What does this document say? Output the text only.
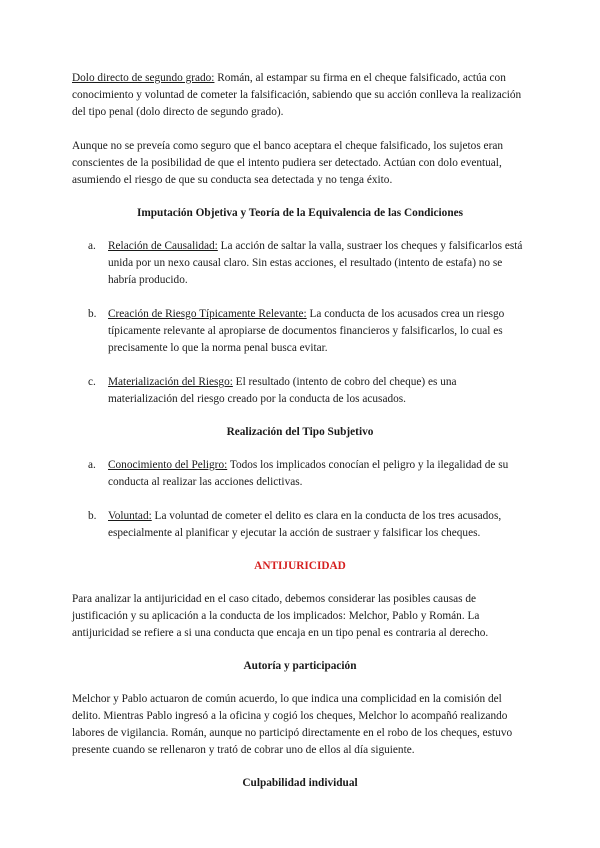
Dolo directo de segundo grado: Román, al estampar su firma en el cheque falsificado, actúa con conocimiento y voluntad de cometer la falsificación, sabiendo que su acción conlleva la realización del tipo penal (dolo directo de segundo grado).

Aunque no se preveía como seguro que el banco aceptara el cheque falsificado, los sujetos eran conscientes de la posibilidad de que el intento pudiera ser detectado. Actúan con dolo eventual, asumiendo el riesgo de que su conducta sea detectada y no tenga éxito.

Imputación Objetiva y Teoría de la Equivalencia de las Condiciones

a. Relación de Causalidad: La acción de saltar la valla, sustraer los cheques y falsificarlos está unida por un nexo causal claro. Sin estas acciones, el resultado (intento de estafa) no se habría producido.
b. Creación de Riesgo Típicamente Relevante: La conducta de los acusados crea un riesgo típicamente relevante al apropiarse de documentos financieros y falsificarlos, lo cual es precisamente lo que la norma penal busca evitar.
c. Materialización del Riesgo: El resultado (intento de cobro del cheque) es una materialización del riesgo creado por la conducta de los acusados.

Realización del Tipo Subjetivo

a. Conocimiento del Peligro: Todos los implicados conocían el peligro y la ilegalidad de su conducta al realizar las acciones delictivas.
b. Voluntad: La voluntad de cometer el delito es clara en la conducta de los tres acusados, especialmente al planificar y ejecutar la acción de sustraer y falsificar los cheques.

ANTIJURICIDAD

Para analizar la antijuricidad en el caso citado, debemos considerar las posibles causas de justificación y su aplicación a la conducta de los implicados: Melchor, Pablo y Román. La antijuricidad se refiere a si una conducta que encaja en un tipo penal es contraria al derecho.

Autoría y participación

Melchor y Pablo actuaron de común acuerdo, lo que indica una complicidad en la comisión del delito. Mientras Pablo ingresó a la oficina y cogió los cheques, Melchor lo acompañó realizando labores de vigilancia. Román, aunque no participó directamente en el robo de los cheques, estuvo presente cuando se rellenaron y trató de cobrar uno de ellos al día siguiente.

Culpabilidad individual
